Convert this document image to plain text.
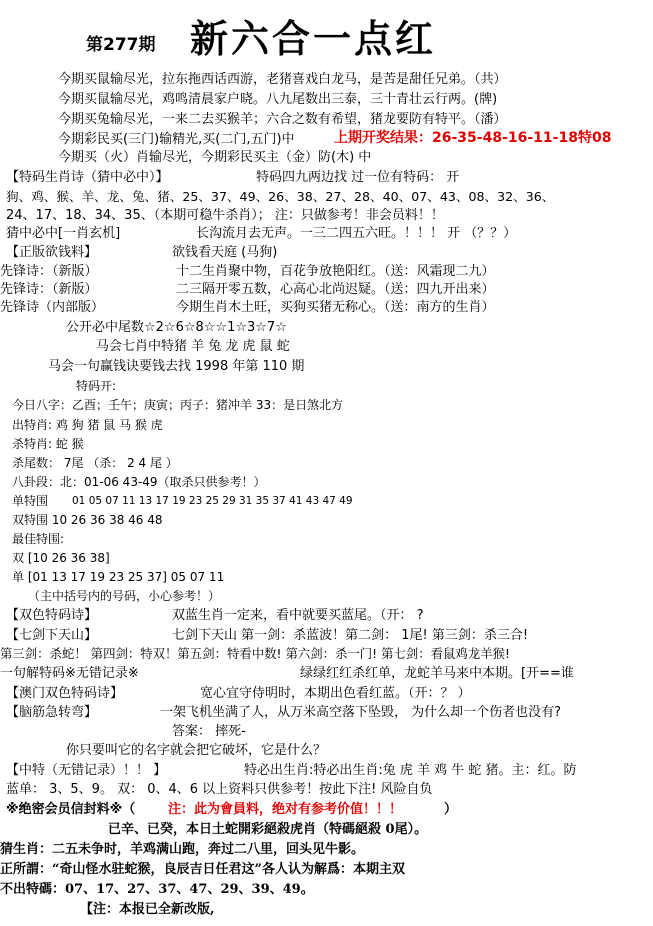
第277期 新六合一点红
今期买鼠输尽光，拉东拖西话西游，老猪喜戏白龙马，是苦是甜任兄弟。（共）
今期买鼠输尽光，鸡鸣清晨家户晓。八九尾数出三泰，三十青壮云行两。(牌)
今期买兔输尽光，一来二去买猴羊；六合之数有希望，猪龙要防有特平。（潘）
今期彩民买(三门)输精光,买(二门,五门)中	上期开奖结果：26-35-48-16-11-18特08
今期买（火）肖输尽光，今期彩民买主（金）防(木) 中
【特码生肖诗（猜中必中）】	特码四九两边找 过一位有特码： 开
狗、鸡、猴、羊、龙、兔、猪、25、37、49、26、38、27、28、40、07、43、08、32、36、
24、17、18、34、35、（本期可稳牛杀肖）； 注：只做参考！非会员料！！
猜中必中[一肖玄机]	长沟流月去无声。一三二四五六旺。！！！ 开 （？？）
【正版欲钱料】	欲钱看天庭 (马狗)
先锋诗：（新版）	十二生肖聚中物，百花争放艳阳红。（送：风霜现二九）
先锋诗：（新版）	二三隔开零五数，心高心北尚迟疑。（送：四九开出来）
先锋诗（内部版）	今期生肖木土旺，买狗买猪无称心。（送：南方的生肖）
公开必中尾数☆2☆6☆8☆☆1☆3☆7☆
马会七肖中特猪 羊 兔 龙 虎 鼠 蛇
马会一句赢钱诀要钱去找 1998 年第 110 期
特码开:
今日八字：乙酉；壬午；庚寅；丙子：猪冲羊 33：是日煞北方
出特肖: 鸡 狗 猪 鼠 马 猴 虎
杀特肖: 蛇 猴
杀尾数： 7尾 （杀： 2 4 尾 ）
八卦段：北：01-06 43-49（取杀只供参考！）
单特围 01 05 07 11 13 17 19 23 25 29 31 35 37 41 43 47 49
双特围 10 26 36 38 46 48
最佳特围:
双 [10 26 36 38]
单 [01 13 17 19 23 25 37] 05 07 11
（主中括号内的号码，小心参考！）
【双色特码诗】	双蓝生肖一定来，看中就要买蓝尾。（开： ?
【七剑下天山】	七剑下天山 第一剑：杀蓝波！第二剑： 1尾! 第三剑：杀三合!
第三剑：杀蛇！ 第四剑：特双！第五剑：特看中数! 第六剑：杀一门! 第七剑：看鼠鸡龙羊猴!
一句解特码※无错记录※	绿绿红红杀红单，龙蛇羊马来中本期。[开==谁
【澳门双色特码诗】	宽心宜守侍明时，本期出色看红蓝。（开：？ ）
【脑筋急转弯】	一架飞机坐满了人，从万米高空落下坠毁， 为什么却一个伤者也没有?
答案： 摔死-
你只要叫它的名字就会把它破坏，它是什么？
【中特（无错记录）！！ 】	特必出生肖:特必出生肖:兔 虎 羊 鸡 牛 蛇 猪。主：红。防
蓝单： 3、5、9。 双： 0、4、6 以上资料只供参考！按此下注! 风险自负
※绝密会员信封料※（	注：此为會員料，绝对有参考价值！！！	）
已辛、已癸，本日土蛇開彩絕殺虎肖（特碼絕殺 0尾）。
猜生肖：二五未争时，羊鸡满山跑，奔过二八里，回头见牛影。
正所謂：“奇山怪水驻蛇猴，良辰吉日任君这”各人认为解爲：本期主双
不出特碼：07、17、27、37、47、29、39、49。
【注：本报已全新改版,
